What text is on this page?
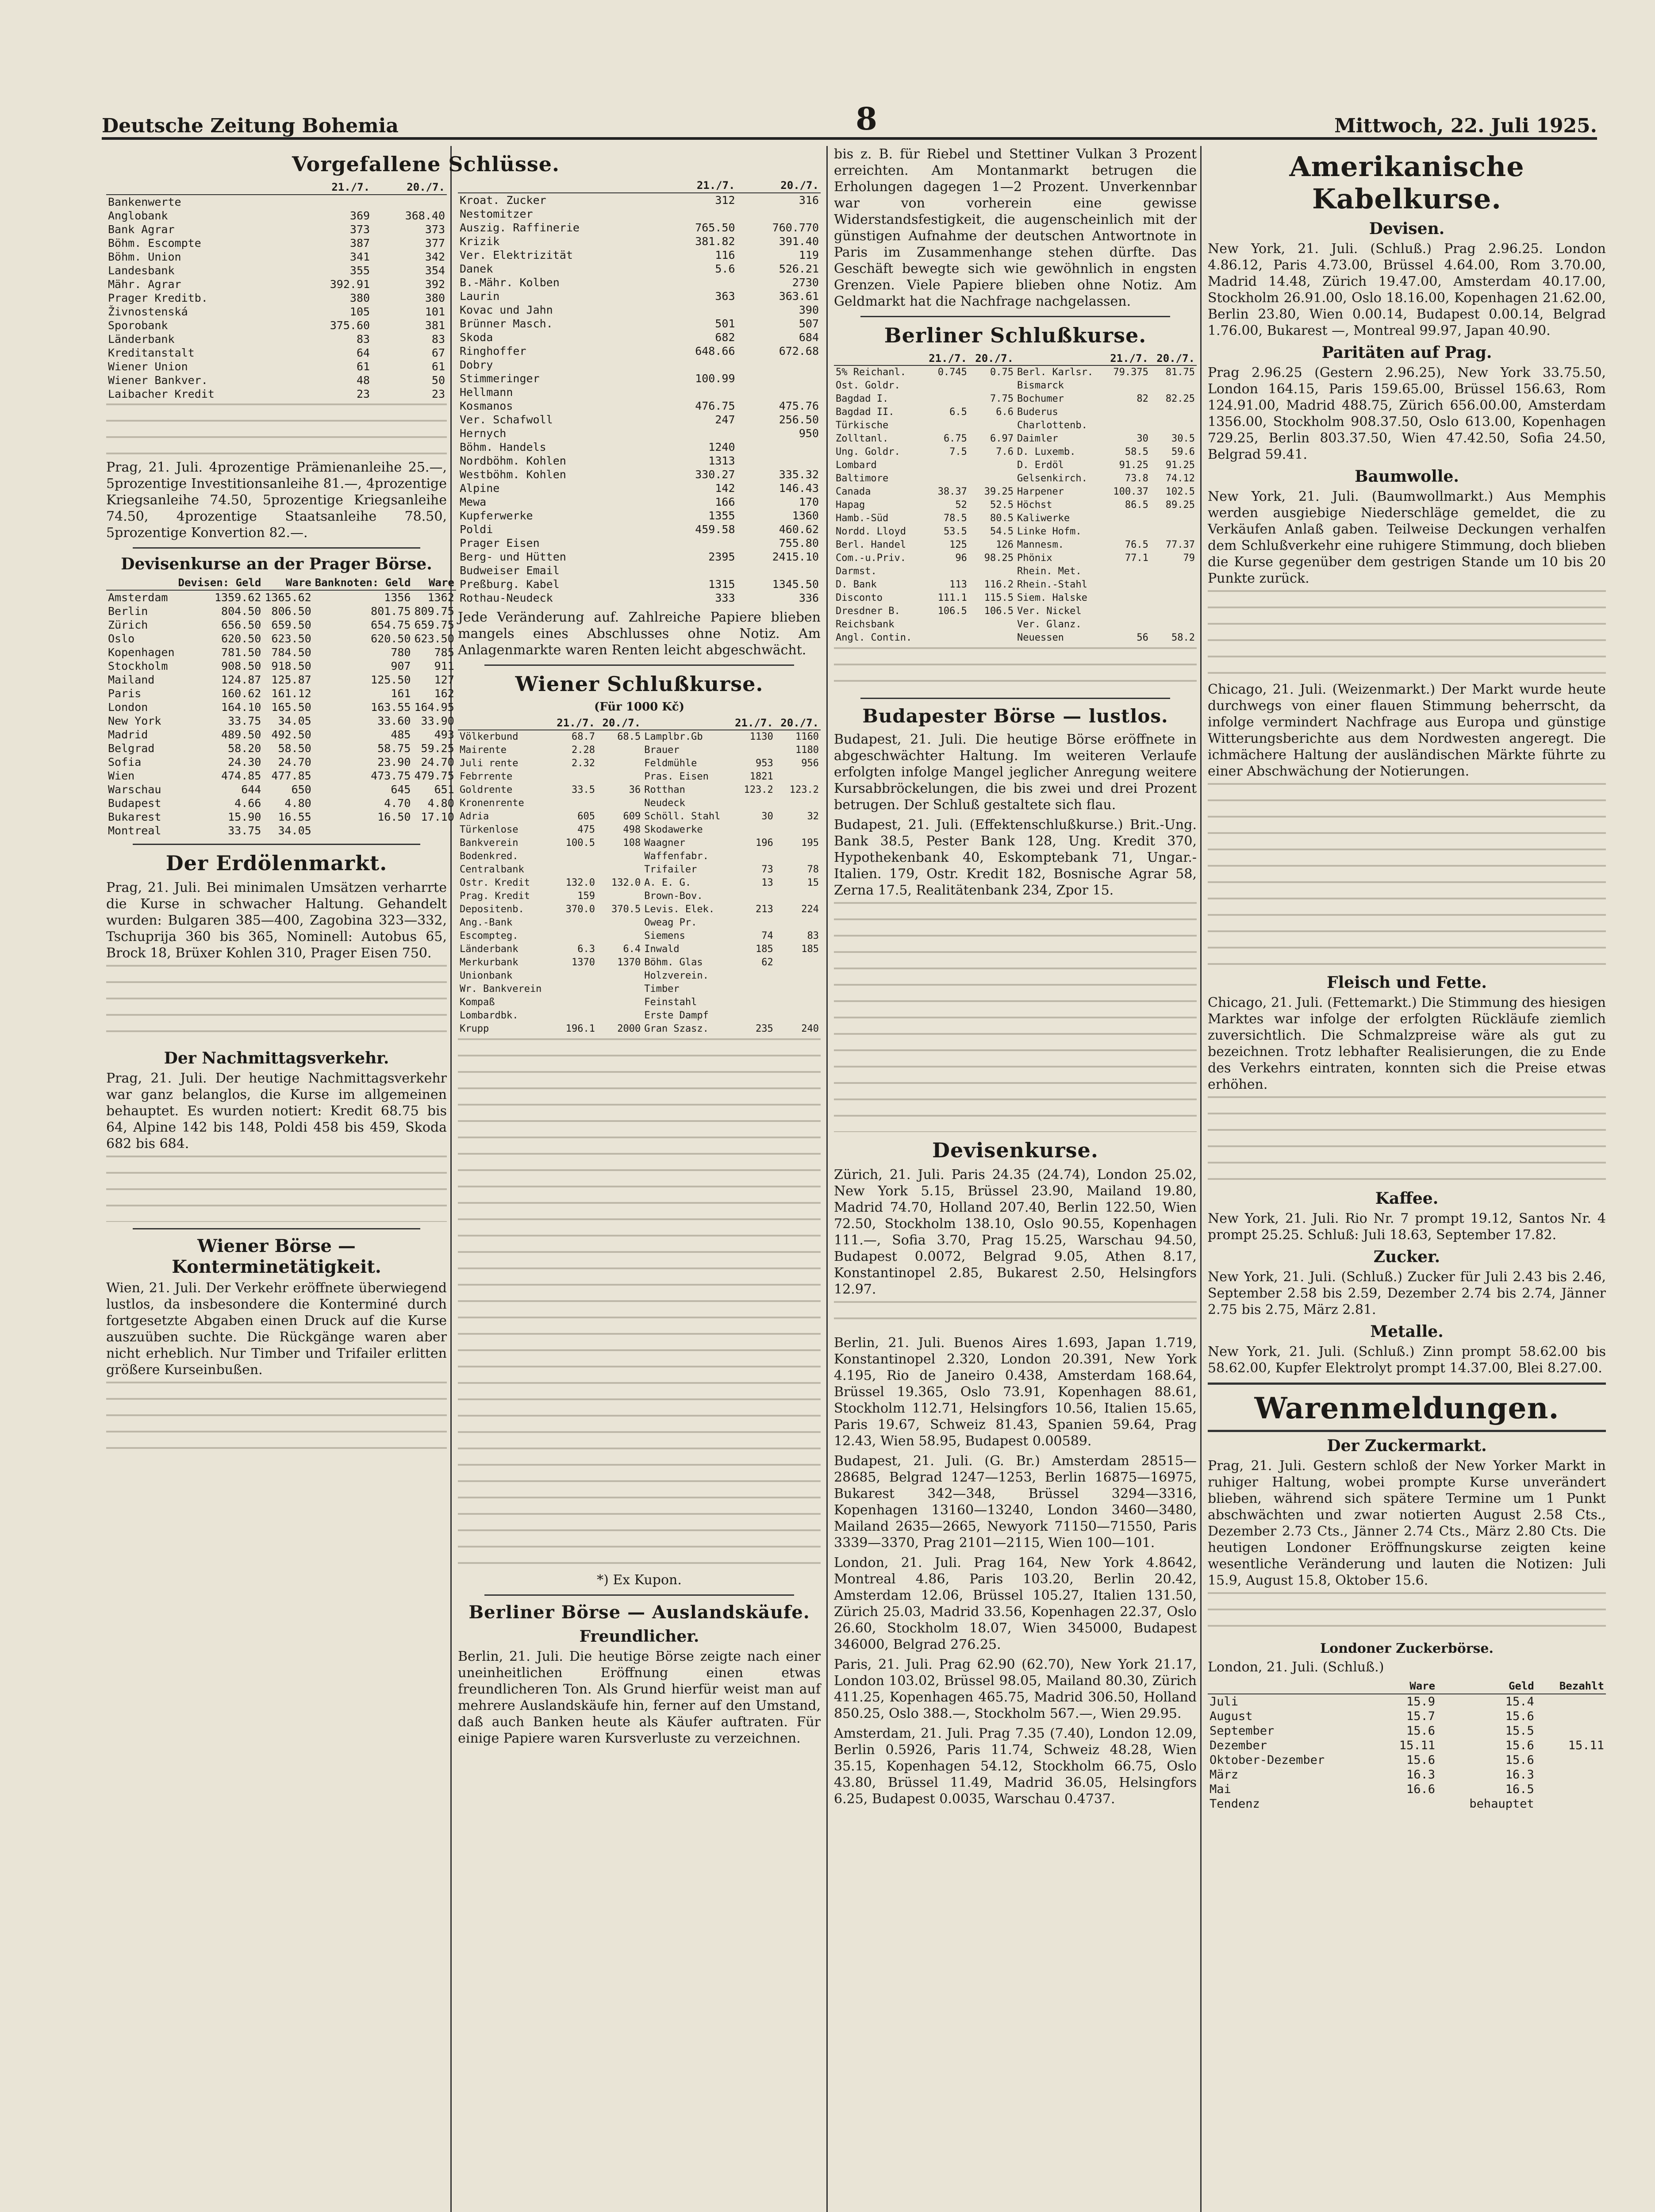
Deutsche Zeitung Bohemia	8	Mittwoch, 22. Juli 1925.
Vorgefallene Schlüsse.
	21./7.	20./7.
Bankenwerte		
Anglobank	369	368.40
Bank Agrar	373	373
Böhm. Escompte	387	377
Böhm. Union	341	342
Landesbank	355	354
Mähr. Agrar	392.91	392
Prager Kreditb.	380	380
Živnostenská	105	101
Sporobank	375.60	381
Länderbank	83	83
Kreditanstalt	64	67
Wiener Union	61	61
Wiener Bankver.	48	50
Laibacher Kredit	23	23

Prag, 21. Juli. 4prozentige Prämienanleihe 25.—, 5prozentige Investitionsanleihe 81.—, 4prozentige Kriegsanleihe 74.50, 5prozentige Kriegsanleihe 74.50, 4prozentige Staatsanleihe 78.50, 5prozentige Konvertion 82.—.

Devisenkurse an der Prager Börse.
	Devisen: Geld	Ware	Banknoten: Geld	Ware
Amsterdam	1359.62	1365.62	1356	1362
Berlin	804.50	806.50	801.75	809.75
Zürich	656.50	659.50	654.75	659.75
Oslo	620.50	623.50	620.50	623.50
Kopenhagen	781.50	784.50	780	785
Stockholm	908.50	918.50	907	911
Mailand	124.87	125.87	125.50	127
Paris	160.62	161.12	161	162
London	164.10	165.50	163.55	164.95
New York	33.75	34.05	33.60	33.90
Madrid	489.50	492.50	485	493
Belgrad	58.20	58.50	58.75	59.25
Sofia	24.30	24.70	23.90	24.70
Wien	474.85	477.85	473.75	479.75
Warschau	644	650	645	651
Budapest	4.66	4.80	4.70	4.80
Bukarest	15.90	16.55	16.50	17.10
Montreal	33.75	34.05		
Der Erdölenmarkt.

Prag, 21. Juli. Bei minimalen Umsätzen verharrte die Kurse in schwacher Haltung. Gehandelt wurden: Bulgaren 385—400, Zagobina 323—332, Tschuprija 360 bis 365, Nominell: Autobus 65, Brock 18, Brüxer Kohlen 310, Prager Eisen 750.

Der Nachmittagsverkehr.

Prag, 21. Juli. Der heutige Nachmittagsverkehr war ganz belanglos, die Kurse im allgemeinen behauptet. Es wurden notiert: Kredit 68.75 bis 64, Alpine 142 bis 148, Poldi 458 bis 459, Skoda 682 bis 684.

Wiener Börse — Konterminetätigkeit.

Wien, 21. Juli. Der Verkehr eröffnete überwiegend lustlos, da insbesondere die Konterminé durch fortgesetzte Abgaben einen Druck auf die Kurse auszuüben suchte. Die Rückgänge waren aber nicht erheblich. Nur Timber und Trifailer erlitten größere Kurseinbußen.

	21./7.	20./7.
Kroat. Zucker	312	316
Nestomitzer		
Auszig. Raffinerie	765.50	760.770
Krizik	381.82	391.40
Ver. Elektrizität	116	119
Danek	5.6	526.21
B.-Mähr. Kolben		2730
Laurin	363	363.61
Kovac und Jahn		390
Brünner Masch.	501	507
Skoda	682	684
Ringhoffer	648.66	672.68
Dobry		
Stimmeringer	100.99	
Hellmann		
Kosmanos	476.75	475.76
Ver. Schafwoll	247	256.50
Hernych		950
Böhm. Handels	1240	
Nordböhm. Kohlen	1313	
Westböhm. Kohlen	330.27	335.32
Alpine	142	146.43
Mewa	166	170
Kupferwerke	1355	1360
Poldi	459.58	460.62
Prager Eisen		755.80
Berg- und Hütten	2395	2415.10
Budweiser Email		
Preßburg. Kabel	1315	1345.50
Rothau-Neudeck	333	336

Jede Veränderung auf. Zahlreiche Papiere blieben mangels eines Abschlusses ohne Notiz. Am Anlagenmarkte waren Renten leicht abgeschwächt.

Wiener Schlußkurse.
(Für 1000 Kč)
	21./7.	20./7.		21./7.	20./7.
Völkerbund	68.7	68.5	Lamplbr.Gb	1130	1160
Mairente	2.28		Brauer		1180
Juli rente	2.32		Feldmühle	953	956
Febrrente			Pras. Eisen	1821	
Goldrente	33.5	36	Rotthan	123.2	123.2
Kronenrente			Neudeck		
Adria	605	609	Schöll. Stahl	30	32
Türkenlose	475	498	Skodawerke		
Bankverein	100.5	108	Waagner	196	195
Bodenkred.			Waffenfabr.		
Centralbank			Trifailer	73	78
Ostr. Kredit	132.0	132.0	A. E. G.	13	15
Prag. Kredit	159		Brown-Bov.		
Depositenb.	370.0	370.5	Levis. Elek.	213	224
Ang.-Bank			Oweag Pr.		
Escompteg.			Siemens	74	83
Länderbank	6.3	6.4	Inwald	185	185
Merkurbank	1370	1370	Böhm. Glas	62	
Unionbank			Holzverein.		
Wr. Bankverein			Timber		
Kompaß			Feinstahl		
Lombardbk.			Erste Dampf		
Krupp	196.1	2000	Gran Szasz.	235	240

*) Ex Kupon.

Berliner Börse — Auslandskäufe.
Freundlicher.

Berlin, 21. Juli. Die heutige Börse zeigte nach einer uneinheitlichen Eröffnung einen etwas freundlicheren Ton. Als Grund hierfür weist man auf mehrere Auslandskäufe hin, ferner auf den Umstand, daß auch Banken heute als Käufer auftraten. Für einige Papiere waren Kursverluste zu verzeichnen.

bis z. B. für Riebel und Stettiner Vulkan 3 Prozent erreichten. Am Montanmarkt betrugen die Erholungen dagegen 1—2 Prozent. Unverkennbar war von vorherein eine gewisse Widerstandsfestigkeit, die augenscheinlich mit der günstigen Aufnahme der deutschen Antwortnote in Paris im Zusammenhange stehen dürfte. Das Geschäft bewegte sich wie gewöhnlich in engsten Grenzen. Viele Papiere blieben ohne Notiz. Am Geldmarkt hat die Nachfrage nachgelassen.

Berliner Schlußkurse.
	21./7.	20./7.		21./7.	20./7.
5% Reichanl.	0.745	0.75	Berl. Karlsr.	79.375	81.75
Ost. Goldr.			Bismarck		
Bagdad I.		7.75	Bochumer	82	82.25
Bagdad II.	6.5	6.6	Buderus		
Türkische			Charlottenb.		
Zolltanl.	6.75	6.97	Daimler	30	30.5
Ung. Goldr.	7.5	7.6	D. Luxemb.	58.5	59.6
Lombard			D. Erdöl	91.25	91.25
Baltimore			Gelsenkirch.	73.8	74.12
Canada	38.37	39.25	Harpener	100.37	102.5
Hapag	52	52.5	Höchst	86.5	89.25
Hamb.-Süd	78.5	80.5	Kaliwerke		
Nordd. Lloyd	53.5	54.5	Linke Hofm.		
Berl. Handel	125	126	Mannesm.	76.5	77.37
Com.-u.Priv.	96	98.25	Phönix	77.1	79
Darmst.			Rhein. Met.		
D. Bank	113	116.2	Rhein.-Stahl		
Disconto	111.1	115.5	Siem. Halske		
Dresdner B.	106.5	106.5	Ver. Nickel		
Reichsbank			Ver. Glanz.		
Angl. Contin.			Neuessen	56	58.2
Budapester Börse — lustlos.

Budapest, 21. Juli. Die heutige Börse eröffnete in abgeschwächter Haltung. Im weiteren Verlaufe erfolgten infolge Mangel jeglicher Anregung weitere Kursabbröckelungen, die bis zwei und drei Prozent betrugen. Der Schluß gestaltete sich flau.

Budapest, 21. Juli. (Effektenschlußkurse.) Brit.-Ung. Bank 38.5, Pester Bank 128, Ung. Kredit 370, Hypothekenbank 40, Eskomptebank 71, Ungar.-Italien. 179, Ostr. Kredit 182, Bosnische Agrar 58, Zerna 17.5, Realitätenbank 234, Zpor 15.

Devisenkurse.

Zürich, 21. Juli. Paris 24.35 (24.74), London 25.02, New York 5.15, Brüssel 23.90, Mailand 19.80, Madrid 74.70, Holland 207.40, Berlin 122.50, Wien 72.50, Stockholm 138.10, Oslo 90.55, Kopenhagen 111.—, Sofia 3.70, Prag 15.25, Warschau 94.50, Budapest 0.0072, Belgrad 9.05, Athen 8.17, Konstantinopel 2.85, Bukarest 2.50, Helsingfors 12.97.

Berlin, 21. Juli. Buenos Aires 1.693, Japan 1.719, Konstantinopel 2.320, London 20.391, New York 4.195, Rio de Janeiro 0.438, Amsterdam 168.64, Brüssel 19.365, Oslo 73.91, Kopenhagen 88.61, Stockholm 112.71, Helsingfors 10.56, Italien 15.65, Paris 19.67, Schweiz 81.43, Spanien 59.64, Prag 12.43, Wien 58.95, Budapest 0.00589.

Budapest, 21. Juli. (G. Br.) Amsterdam 28515—28685, Belgrad 1247—1253, Berlin 16875—16975, Bukarest 342—348, Brüssel 3294—3316, Kopenhagen 13160—13240, London 3460—3480, Mailand 2635—2665, Newyork 71150—71550, Paris 3339—3370, Prag 2101—2115, Wien 100—101.

London, 21. Juli. Prag 164, New York 4.8642, Montreal 4.86, Paris 103.20, Berlin 20.42, Amsterdam 12.06, Brüssel 105.27, Italien 131.50, Zürich 25.03, Madrid 33.56, Kopenhagen 22.37, Oslo 26.60, Stockholm 18.07, Wien 345000, Budapest 346000, Belgrad 276.25.

Paris, 21. Juli. Prag 62.90 (62.70), New York 21.17, London 103.02, Brüssel 98.05, Mailand 80.30, Zürich 411.25, Kopenhagen 465.75, Madrid 306.50, Holland 850.25, Oslo 388.—, Stockholm 567.—, Wien 29.95.

Amsterdam, 21. Juli. Prag 7.35 (7.40), London 12.09, Berlin 0.5926, Paris 11.74, Schweiz 48.28, Wien 35.15, Kopenhagen 54.12, Stockholm 66.75, Oslo 43.80, Brüssel 11.49, Madrid 36.05, Helsingfors 6.25, Budapest 0.0035, Warschau 0.4737.

Amerikanische Kabelkurse.
Devisen.

New York, 21. Juli. (Schluß.) Prag 2.96.25. London 4.86.12, Paris 4.73.00, Brüssel 4.64.00, Rom 3.70.00, Madrid 14.48, Zürich 19.47.00, Amsterdam 40.17.00, Stockholm 26.91.00, Oslo 18.16.00, Kopenhagen 21.62.00, Berlin 23.80, Wien 0.00.14, Budapest 0.00.14, Belgrad 1.76.00, Bukarest —, Montreal 99.97, Japan 40.90.

Paritäten auf Prag.

Prag 2.96.25 (Gestern 2.96.25), New York 33.75.50, London 164.15, Paris 159.65.00, Brüssel 156.63, Rom 124.91.00, Madrid 488.75, Zürich 656.00.00, Amsterdam 1356.00, Stockholm 908.37.50, Oslo 613.00, Kopenhagen 729.25, Berlin 803.37.50, Wien 47.42.50, Sofia 24.50, Belgrad 59.41.

Baumwolle.

New York, 21. Juli. (Baumwollmarkt.) Aus Memphis werden ausgiebige Niederschläge gemeldet, die zu Verkäufen Anlaß gaben. Teilweise Deckungen verhalfen dem Schlußverkehr eine ruhigere Stimmung, doch blieben die Kurse gegenüber dem gestrigen Stande um 10 bis 20 Punkte zurück.

Chicago, 21. Juli. (Weizenmarkt.) Der Markt wurde heute durchwegs von einer flauen Stimmung beherrscht, da infolge vermindert Nachfrage aus Europa und günstige Witterungsberichte aus dem Nordwesten angeregt. Die ichmächere Haltung der ausländischen Märkte führte zu einer Abschwächung der Notierungen.

Fleisch und Fette.

Chicago, 21. Juli. (Fettemarkt.) Die Stimmung des hiesigen Marktes war infolge der erfolgten Rückläufe ziemlich zuversichtlich. Die Schmalzpreise wäre als gut zu bezeichnen. Trotz lebhafter Realisierungen, die zu Ende des Verkehrs eintraten, konnten sich die Preise etwas erhöhen.

Kaffee.

New York, 21. Juli. Rio Nr. 7 prompt 19.12, Santos Nr. 4 prompt 25.25. Schluß: Juli 18.63, September 17.82.

Zucker.

New York, 21. Juli. (Schluß.) Zucker für Juli 2.43 bis 2.46, September 2.58 bis 2.59, Dezember 2.74 bis 2.74, Jänner 2.75 bis 2.75, März 2.81.

Metalle.

New York, 21. Juli. (Schluß.) Zinn prompt 58.62.00 bis 58.62.00, Kupfer Elektrolyt prompt 14.37.00, Blei 8.27.00.

Warenmeldungen.
Der Zuckermarkt.

Prag, 21. Juli. Gestern schloß der New Yorker Markt in ruhiger Haltung, wobei prompte Kurse unverändert blieben, während sich spätere Termine um 1 Punkt abschwächten und zwar notierten August 2.58 Cts., Dezember 2.73 Cts., Jänner 2.74 Cts., März 2.80 Cts. Die heutigen Londoner Eröffnungskurse zeigten keine wesentliche Veränderung und lauten die Notizen: Juli 15.9, August 15.8, Oktober 15.6.

Londoner Zuckerbörse.

London, 21. Juli. (Schluß.)

	Ware	Geld	Bezahlt
Juli	15.9	15.4	
August	15.7	15.6	
September	15.6	15.5	
Dezember	15.11	15.6	15.11
Oktober-Dezember	15.6	15.6	
März	16.3	16.3	
Mai	16.6	16.5	
Tendenz		behauptet	
